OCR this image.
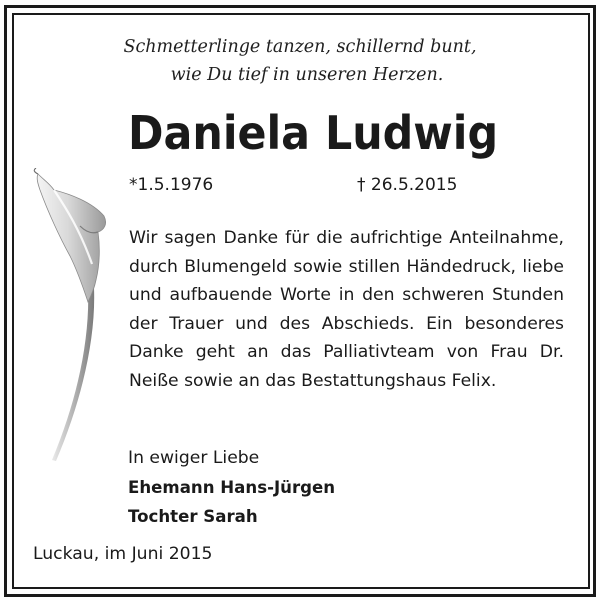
Schmetterlinge tanzen, schillernd bunt,
wie Du tief in unseren Herzen.
Daniela Ludwig
*1.5.1976	† 26.5.2015
Wir sagen Danke für die aufrichtige Anteilnahme, durch Blumengeld sowie stillen Händedruck, liebe und aufbauende Worte in den schweren Stunden der Trauer und des Abschieds. Ein besonderes Danke geht an das Palliativteam von Frau Dr. Neiße sowie an das Bestattungshaus Felix.
In ewiger Liebe
Ehemann Hans-Jürgen
Tochter Sarah
Luckau, im Juni 2015
